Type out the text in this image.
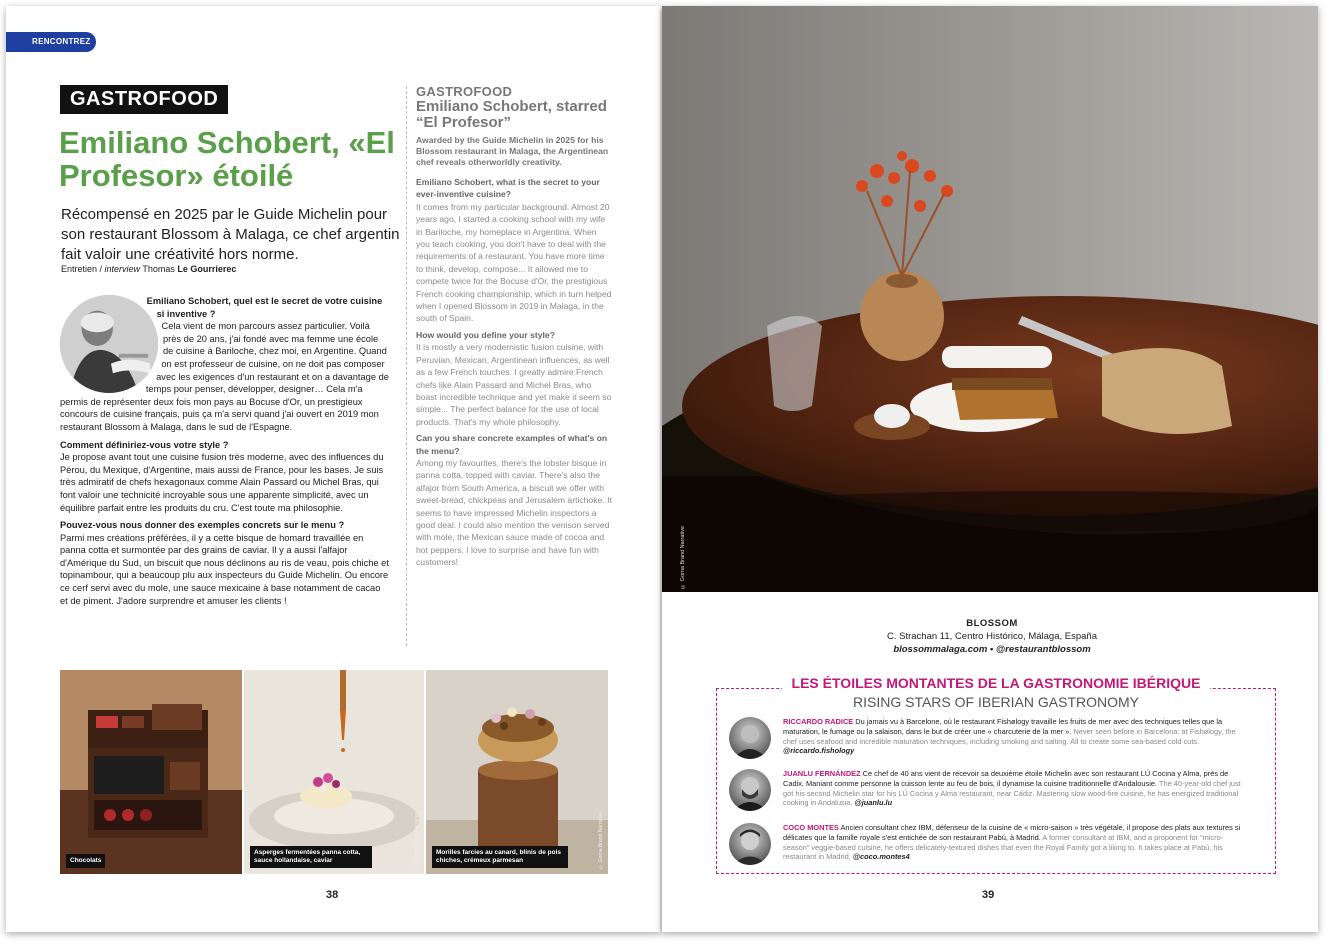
RENCONTREZ
GASTROFOOD
Emiliano Schobert, «El Profesor» étoilé
Récompensé en 2025 par le Guide Michelin pour son restaurant Blossom à Malaga, ce chef argentin fait valoir une créativité hors norme.
Entretien / interview Thomas Le Gourrierec
Emiliano Schobert, quel est le secret de votre cuisine si inventive ?
Cela vient de mon parcours assez particulier. Voilà près de 20 ans, j'ai fondé avec ma femme une école de cuisine à Bariloche, chez moi, en Argentine. Quand on est professeur de cuisine, on ne doit pas composer avec les exigences d'un restaurant et on a davantage de temps pour penser, développer, designer… Cela m'a permis de représenter deux fois mon pays au Bocuse d'Or, un prestigieux concours de cuisine français, puis ça m'a servi quand j'ai ouvert en 2019 mon restaurant Blossom à Malaga, dans le sud de l'Espagne.
Comment définiriez-vous votre style ?
Je propose avant tout une cuisine fusion très moderne, avec des influences du Pérou, du Mexique, d'Argentine, mais aussi de France, pour les bases. Je suis très admiratif de chefs hexagonaux comme Alain Passard ou Michel Bras, qui font valoir une technicité incroyable sous une apparente simplicité, avec un équilibre parfait entre les produits du cru. C'est toute ma philosophie.
Pouvez-vous nous donner des exemples concrets sur le menu ?
Parmi mes créations préférées, il y a cette bisque de homard travaillée en panna cotta et surmontée par des grains de caviar. Il y a aussi l'alfajor d'Amérique du Sud, un biscuit que nous déclinons au ris de veau, pois chiche et topinambour, qui a beaucoup plu aux inspecteurs du Guide Michelin. Ou encore ce cerf servi avec du mole, une sauce mexicaine à base notamment de cacao et de piment. J'adore surprendre et amuser les clients !
GASTROFOOD
Emiliano Schobert, starred “El Profesor”
Awarded by the Guide Michelin in 2025 for his Blossom restaurant in Malaga, the Argentinean chef reveals otherworldly creativity.
Emiliano Schobert, what is the secret to your ever-inventive cuisine?
It comes from my particular background. Almost 20 years ago, I started a cooking school with my wife in Bariloche, my homeplace in Argentina. When you teach cooking, you don't have to deal with the requirements of a restaurant. You have more time to think, develop, compose... It allowed me to compete twice for the Bocuse d'Or, the prestigious French cooking championship, which in turn helped when I opened Blossom in 2019 in Malaga, in the south of Spain.
How would you define your style?
It is mostly a very modernistic fusion cuisine, with Peruvian, Mexican, Argentinean influences, as well as a few French touches. I greatly admire French chefs like Alain Passard and Michel Bras, who boast incredible technique and yet make it seem so simple... The perfect balance for the use of local products. That's my whole philosophy.
Can you share concrete examples of what's on the menu?
Among my favourites, there's the lobster bisque in panna cotta, topped with caviar. There's also the alfajor from South America, a biscuit we offer with sweet-bread, chickpeas and Jerusalem artichoke. It seems to have impressed Michelin inspectors a good deal. I could also mention the venison served with mole, the Mexican sauce made of cocoa and hot peppers. I love to surprise and have fun with customers!
Chocolats
Asperges fermentées panna cotta, sauce hollandaise, caviar	© Gorna Brand Narrative	Morilles farcies au canard, blinis de pois chiches, crémeux parmesan	© Gorna Brand Narrative
38
© Gorna Brand Narrative
BLOSSOM
C. Strachan 11, Centro Histórico, Málaga, España
blossommalaga.com • @restaurantblossom
LES ÉTOILES MONTANTES DE LA GASTRONOMIE IBÉRIQUE
RISING STARS OF IBERIAN GASTRONOMY
RICCARDO RADICE Du jamais vu à Barcelone, où le restaurant Fishølogy travaille les fruits de mer avec des techniques telles que la maturation, le fumage ou la salaison, dans le but de créer une « charcuterie de la mer ». Never seen before in Barcelona: at Fishølogy, the chef uses seafood and incredible maturation techniques, including smoking and salting. All to create some sea-based cold cuts. @riccardo.fishology
JUANLU FERNÁNDEZ Ce chef de 40 ans vient de recevoir sa deuxième étoile Michelin avec son restaurant LÚ Cocina y Alma, près de Cadix. Maniant comme personne la cuisson lente au feu de bois, il dynamise la cuisine traditionnelle d'Andalousie. The 40-year-old chef just got his second Michelin star for his LÚ Cocina y Alma restaurant, near Cádiz. Mastering slow wood-fire cuisine, he has energized traditional cooking in Andalusia. @juanlu.lu
COCO MONTES Ancien consultant chez IBM, défenseur de la cuisine de « micro-saison » très végétale, il propose des plats aux textures si délicates que la famille royale s'est entichée de son restaurant Pabú, à Madrid. A former consultant at IBM, and a proponent for “micro-season” veggie-based cuisine, he offers delicately-textured dishes that even the Royal Family got a liking to. It takes place at Pabú, his restaurant in Madrid. @coco.montes4
39
